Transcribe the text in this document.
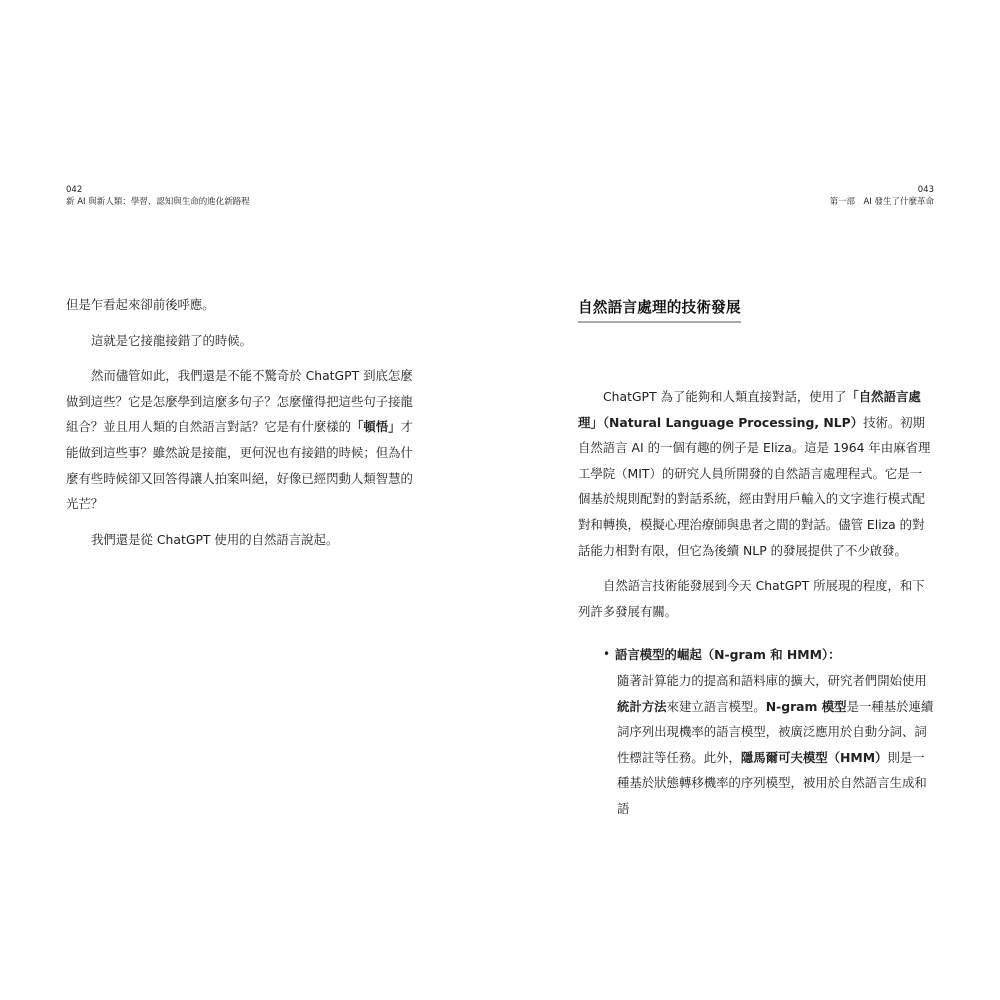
042
新 AI 與新人類：學習、認知與生命的進化新路程

但是乍看起來卻前後呼應。

這就是它接龍接錯了的時候。

然而儘管如此，我們還是不能不驚奇於 ChatGPT 到底怎麼做到這些？它是怎麼學到這麼多句子？怎麼懂得把這些句子接龍組合？並且用人類的自然語言對話？它是有什麼樣的「頓悟」才能做到這些事？雖然說是接龍，更何況也有接錯的時候；但為什麼有些時候卻又回答得讓人拍案叫絕，好像已經閃動人類智慧的光芒？

我們還是從 ChatGPT 使用的自然語言說起。

043
第一部　AI 發生了什麼革命
自然語言處理的技術發展

ChatGPT 為了能夠和人類直接對話，使用了「自然語言處理」（Natural Language Processing, NLP）技術。初期自然語言 AI 的一個有趣的例子是 Eliza。這是 1964 年由麻省理工學院（MIT）的研究人員所開發的自然語言處理程式。它是一個基於規則配對的對話系統，經由對用戶輸入的文字進行模式配對和轉換，模擬心理治療師與患者之間的對話。儘管 Eliza 的對話能力相對有限，但它為後續 NLP 的發展提供了不少啟發。

自然語言技術能發展到今天 ChatGPT 所展現的程度，和下列許多發展有關。

• 語言模型的崛起（N-gram 和 HMM）：
隨著計算能力的提高和語料庫的擴大，研究者們開始使用統計方法來建立語言模型。N-gram 模型是一種基於連續詞序列出現機率的語言模型，被廣泛應用於自動分詞、詞性標註等任務。此外，隱馬爾可夫模型（HMM）則是一種基於狀態轉移機率的序列模型，被用於自然語言生成和語
